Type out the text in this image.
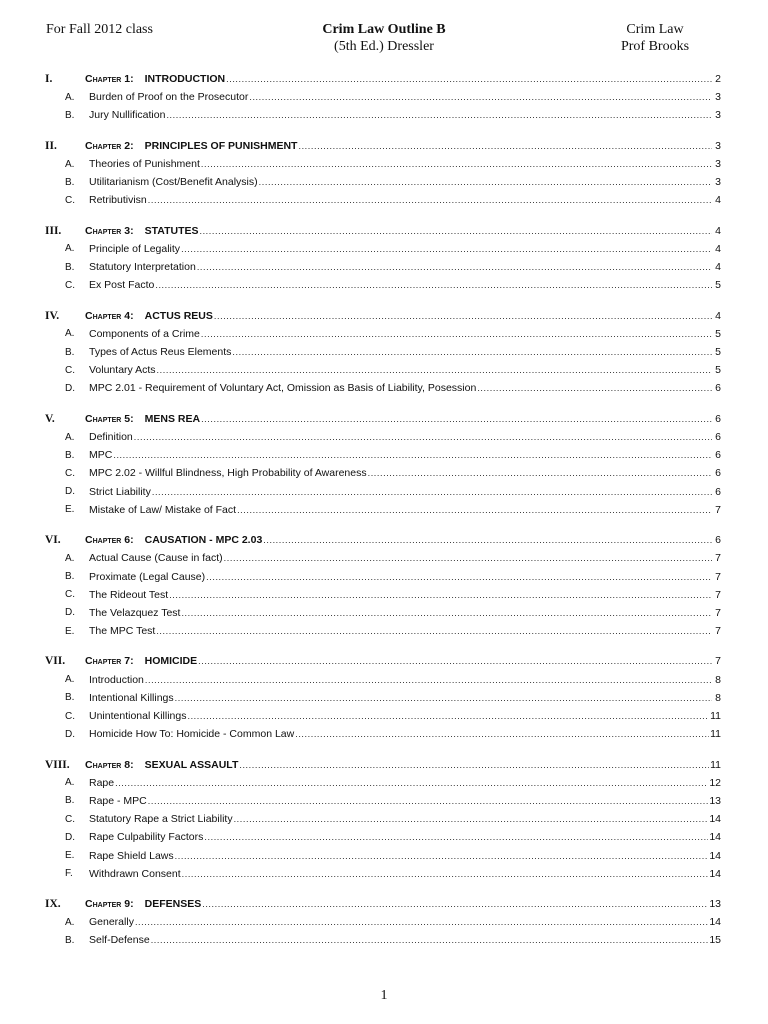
For Fall 2012 class	Crim Law Outline B
(5th Ed.) Dressler
Crim Law
Prof Brooks
I.	Chapter 1: INTRODUCTION .....	2
A.	Burden of Proof on the Prosecutor .....	3
B.	Jury Nullification .....	3
II.	Chapter 2: PRINCIPLES OF PUNISHMENT .....	3
A.	Theories of Punishment .....	3
B.	Utilitarianism (Cost/Benefit Analysis) .....	3
C.	Retributivisn .....	4
III.	Chapter 3: STATUTES .....	4
A.	Principle of Legality .....	4
B.	Statutory Interpretation .....	4
C.	Ex Post Facto .....	5
IV.	Chapter 4: ACTUS REUS .....	4
A.	Components of a Crime .....	5
B.	Types of Actus Reus Elements .....	5
C.	Voluntary Acts .....	5
D.	MPC 2.01 - Requirement of Voluntary Act, Omission as Basis of Liability, Posession .....	6
V.	Chapter 5: MENS REA .....	6
A.	Definition .....	6
B.	MPC .....	6
C.	MPC 2.02 - Willful Blindness, High Probability of Awareness .....	6
D.	Strict Liability .....	6
E.	Mistake of Law/ Mistake of Fact .....	7
VI.	Chapter 6: CAUSATION - MPC 2.03 .....	6
A.	Actual Cause (Cause in fact) .....	7
B.	Proximate (Legal Cause) .....	7
C.	The Rideout Test .....	7
D.	The Velazquez Test .....	7
E.	The MPC Test .....	7
VII.	Chapter 7: HOMICIDE .....	7
A.	Introduction .....	8
B.	Intentional Killings .....	8
C.	Unintentional Killings .....	11
D.	Homicide How To: Homicide - Common Law .....	11
VIII.	Chapter 8: SEXUAL ASSAULT .....	11
A.	Rape .....	12
B.	Rape - MPC .....	13
C.	Statutory Rape a Strict Liability .....	14
D.	Rape Culpability Factors .....	14
E.	Rape Shield Laws .....	14
F.	Withdrawn Consent .....	14
IX.	Chapter 9: DEFENSES .....	13
A.	Generally .....	14
B.	Self-Defense .....	15
1
